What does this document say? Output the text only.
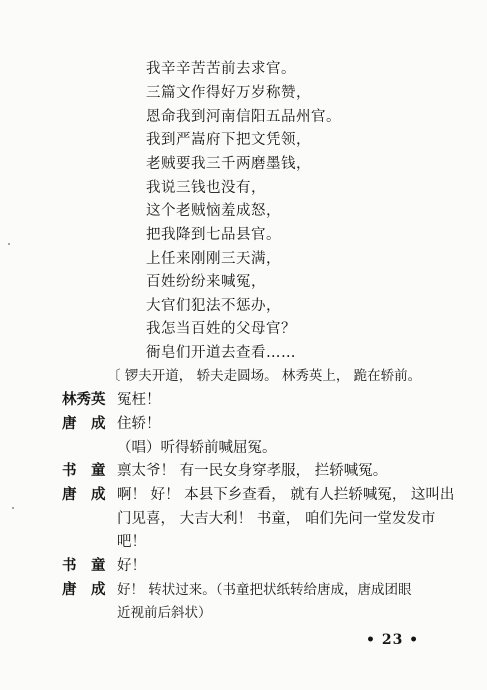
我辛辛苦苦前去求官。
三篇文作得好万岁称赞，
恩命我到河南信阳五品州官。
我到严嵩府下把文凭领，
老贼要我三千两磨墨钱，
我说三钱也没有，
这个老贼恼羞成怒，
把我降到七品县官。
上任来刚刚三天满，
百姓纷纷来喊冤，
大官们犯法不惩办，
我怎当百姓的父母官？
衙皂们开道去查看……
〔 锣夫开道， 轿夫走圆场。 林秀英上， 跪在轿前。
林秀英 冤枉！
唐　成 住轿！
（唱）听得轿前喊屈冤。
书　童 禀太爷！ 有一民女身穿孝服， 拦轿喊冤。
唐　成 啊！ 好！ 本县下乡查看， 就有人拦轿喊冤， 这叫出
门见喜， 大吉大利！ 书童， 咱们先问一堂发发市
吧！
书　童 好！
唐　成 好！ 转状过来。（书童把状纸转给唐成，唐成团眼
近视前后斜状）
• 23 •
